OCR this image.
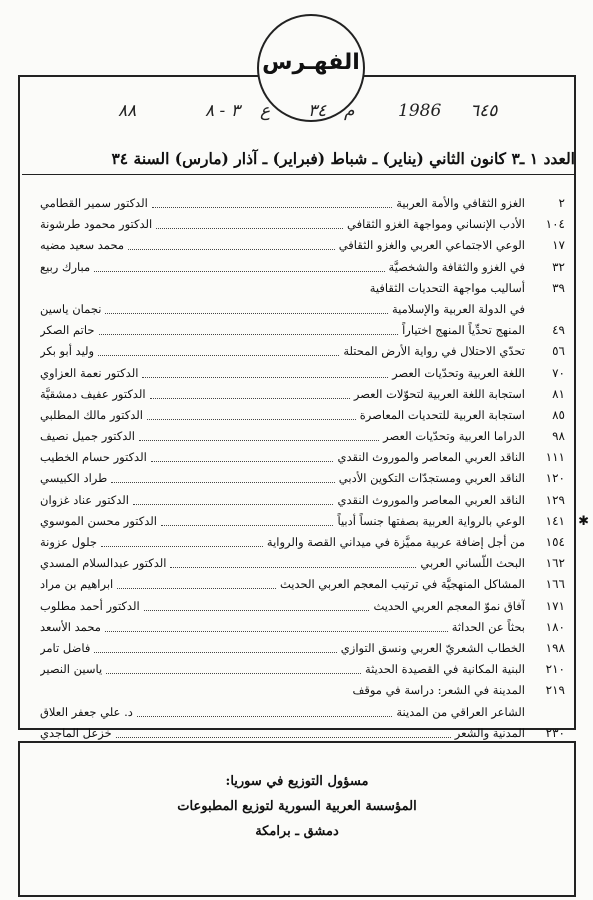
الفهـرس
٨٨	٣ - ٨ ع ٣٤ م	1986 ٦٤٥
العدد ١ ـ٣ كانون الثاني (يناير) ـ شباط (فبراير) ـ آذار (مارس) السنة ٣٤
٢
الغزو الثقافي والأمة العربية
الدكتور سمير القطامي
١٠٤
الأدب الإنساني ومواجهة الغزو الثقافي
الدكتور محمود طرشونة
١٧
الوعي الاجتماعي العربي والغزو الثقافي
محمد سعيد مضيه
٣٢
في الغزو والثقافة والشخصيَّة
مبارك ربيع
٣٩
أساليب مواجهة التحديات الثقافية
في الدولة العربية والإسلامية
نجمان ياسين
٤٩
المنهج تحدِّياً المنهج اختياراً
حاتم الصكر
٥٦
تحدّي الاحتلال في رواية الأرض المحتلة
وليد أبو بكر
٧٠
اللغة العربية وتحدّيات العصر
الدكتور نعمة العزاوي
٨١
استجابة اللغة العربية لتحوّلات العصر
الدكتور عفيف دمشقيَّة
٨٥
استجابة العربية للتحديات المعاصرة
الدكتور مالك المطلبي
٩٨
الدراما العربية وتحدّيات العصر
الدكتور جميل نصيف
١١١
الناقد العربي المعاصر والموروث النقدي
الدكتور حسام الخطيب
١٢٠
الناقد العربي ومستجدّات التكوين الأدبي
طراد الكبيسي
١٢٩
الناقد العربي المعاصر والموروث النقدي
الدكتور عناد غزوان
١٤١ ✱
الوعي بالرواية العربية بصفتها جنساً أدبياً
الدكتور محسن الموسوي
١٥٤
من أجل إضافة عربية مميَّزة في ميداني القصة والرواية
جلول عزونة
١٦٢
البحث اللّساني العربي
الدكتور عبدالسلام المسدي
١٦٦
المشاكل المنهجيَّة في ترتيب المعجم العربي الحديث
ابراهيم بن مراد
١٧١
آفاق نموّ المعجم العربي الحديث
الدكتور أحمد مطلوب
١٨٠
بحثاً عن الحداثة
محمد الأسعد
١٩٨
الخطاب الشعريّ العربي ونسق التوازي
فاضل تامر
٢١٠
البنية المكانية في القصيدة الحديثة
ياسين النصير
٢١٩
المدينة في الشعر: دراسة في موقف
الشاعر العراقي من المدينة
د. علي جعفر العلاق
٢٣٠
المدنية والشعر
خزعل الماجدي
مسؤول التوزيع في سوريا:
المؤسسة العربية السورية لتوزيع المطبوعات
دمشق ـ برامكة
